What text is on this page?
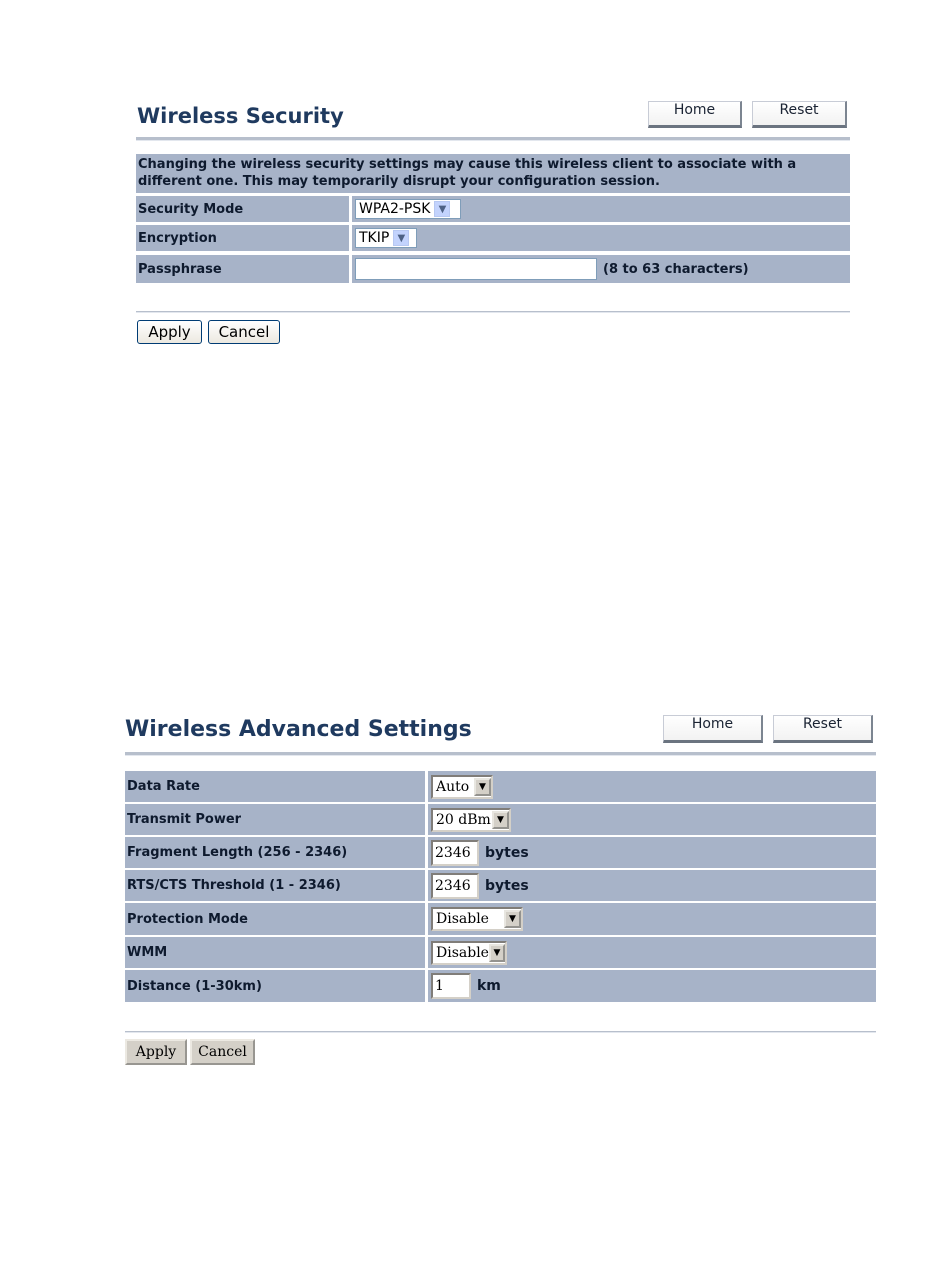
Wireless Security	Home	Reset
Changing the wireless security settings may cause this wireless client to associate with a different one. This may temporarily disrupt your configuration session.
Security Mode	WPA2-PSK ▼
Encryption	TKIP ▼
Passphrase	(8 to 63 characters)
Apply	Cancel
Wireless Advanced Settings	Home	Reset
Data Rate	Auto	▼
Transmit Power	20 dBm ▼
Fragment Length (256 - 2346)	2346	bytes
RTS/CTS Threshold (1 - 2346)	2346	bytes
Protection Mode	Disable	▼
WMM	Disable ▼
Distance (1-30km)	1	km
Apply	Cancel
